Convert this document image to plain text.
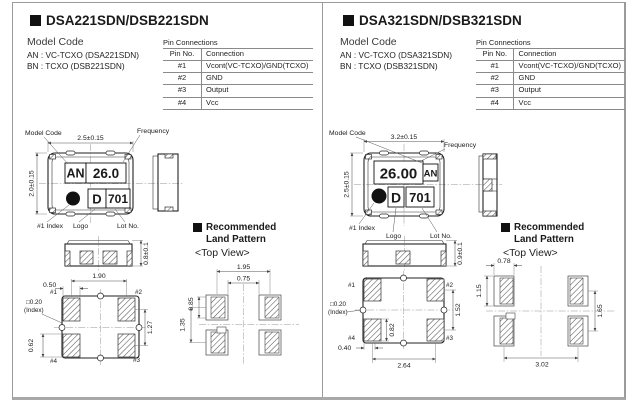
DSA221SDN/DSB221SDN
Model Code
AN : VC-TCXO (DSA221SDN)
BN : TCXO (DSB221SDN)
Pin Connections
Pin No.	Connection
#1	Vcont(VC-TCXO)/GND(TCXO)
#2	GND
#3	Output
#4	Vcc
AN 26.0
D 701
2.5±0.15
2.0±0.15
Model Code	Frequency
#1 Index Logo	Lot No.
0.8±0.1
1.90
0.50
#1	#2
#4	#3
□0.20
(Index)
0.62
1.27
1.95
0.75
0.85
1.35
Recommended
Land Pattern
<Top View>
DSA321SDN/DSB321SDN
Model Code
AN : VC-TCXO (DSA321SDN)
BN : TCXO (DSB321SDN)
Pin Connections
Pin No.	Connection
#1	Vcont(VC-TCXO)/GND(TCXO)
#2	GND
#3	Output
#4	Vcc
26.00 AN
D 701
3.2±0.15
2.5±0.15
Model Code
Frequency
#1 Index
Logo	Lot No.
0.9±0.1
#1	#2
#4	#3
□0.20
(Index)
0.82
0.40
2.64
1.52
0.78
1.15
1.65
3.02
Recommended
Land Pattern
<Top View>
